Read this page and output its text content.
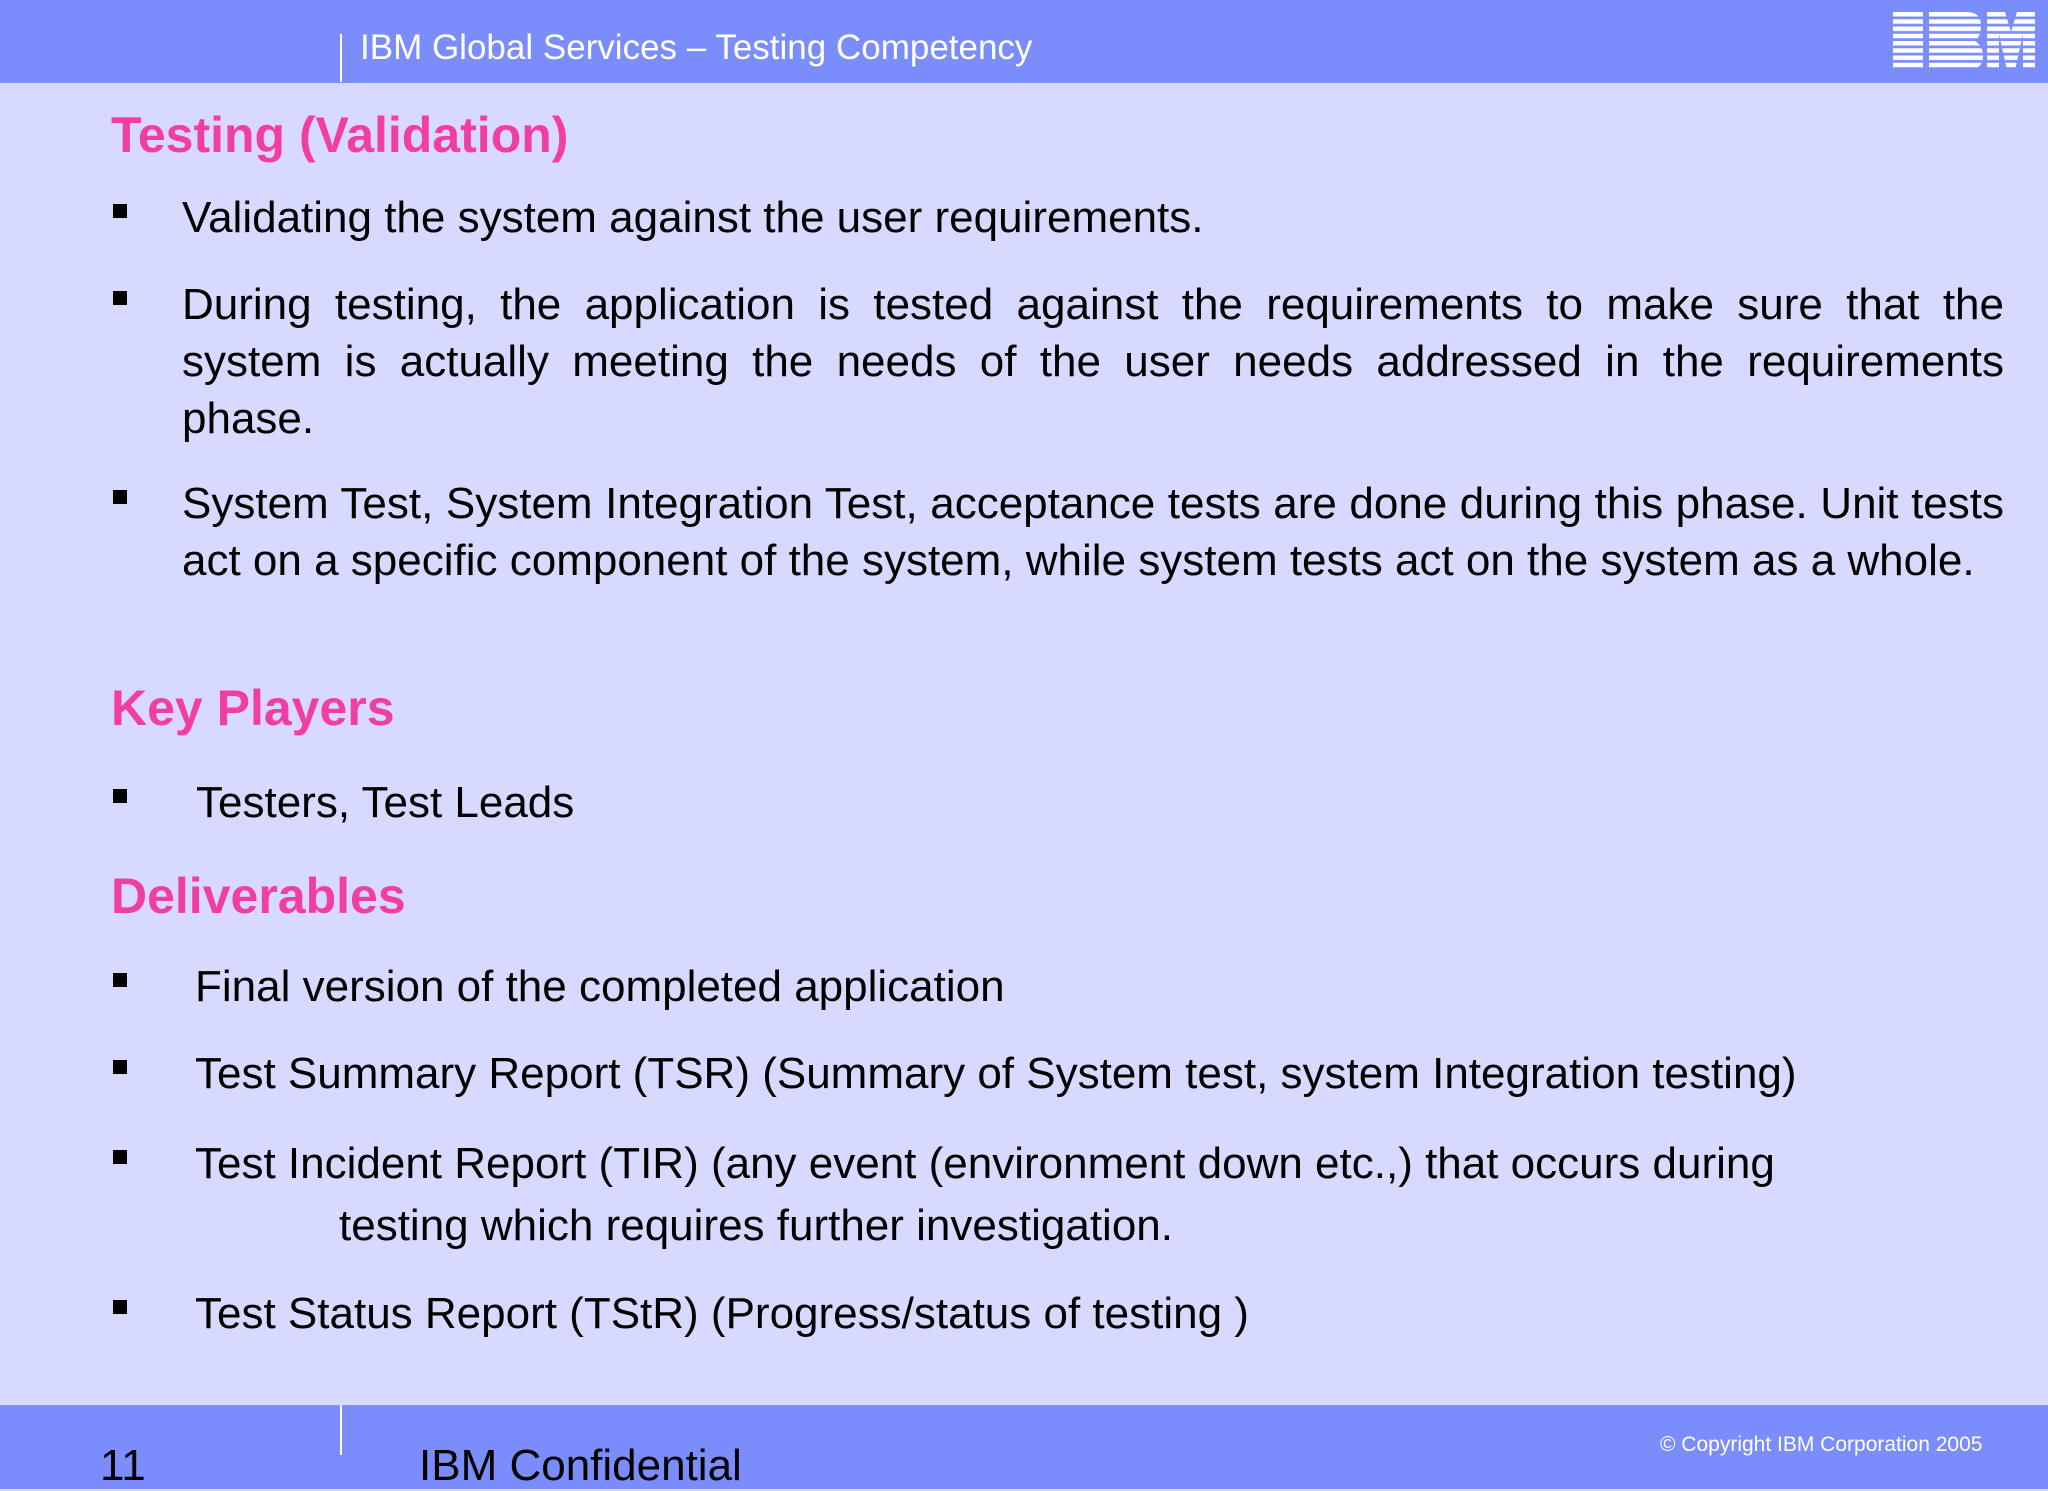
IBM Global Services – Testing Competency
Testing (Validation)
Validating the system against the user requirements.
During testing, the application is tested against the requirements to make sure that the system is actually meeting the needs of the user needs addressed in the requirements phase.
System Test, System Integration Test, acceptance tests are done during this phase. Unit tests act on a specific component of the system, while system tests act on the system as a whole.
Key Players
Testers, Test Leads
Deliverables
Final version of the completed application
Test Summary Report (TSR) (Summary of System test, system Integration testing)
Test Incident Report (TIR) (any event (environment down etc.,) that occurs during
testing which requires further investigation.
Test Status Report (TStR) (Progress/status of testing )
11	IBM Confidential	© Copyright IBM Corporation 2005
